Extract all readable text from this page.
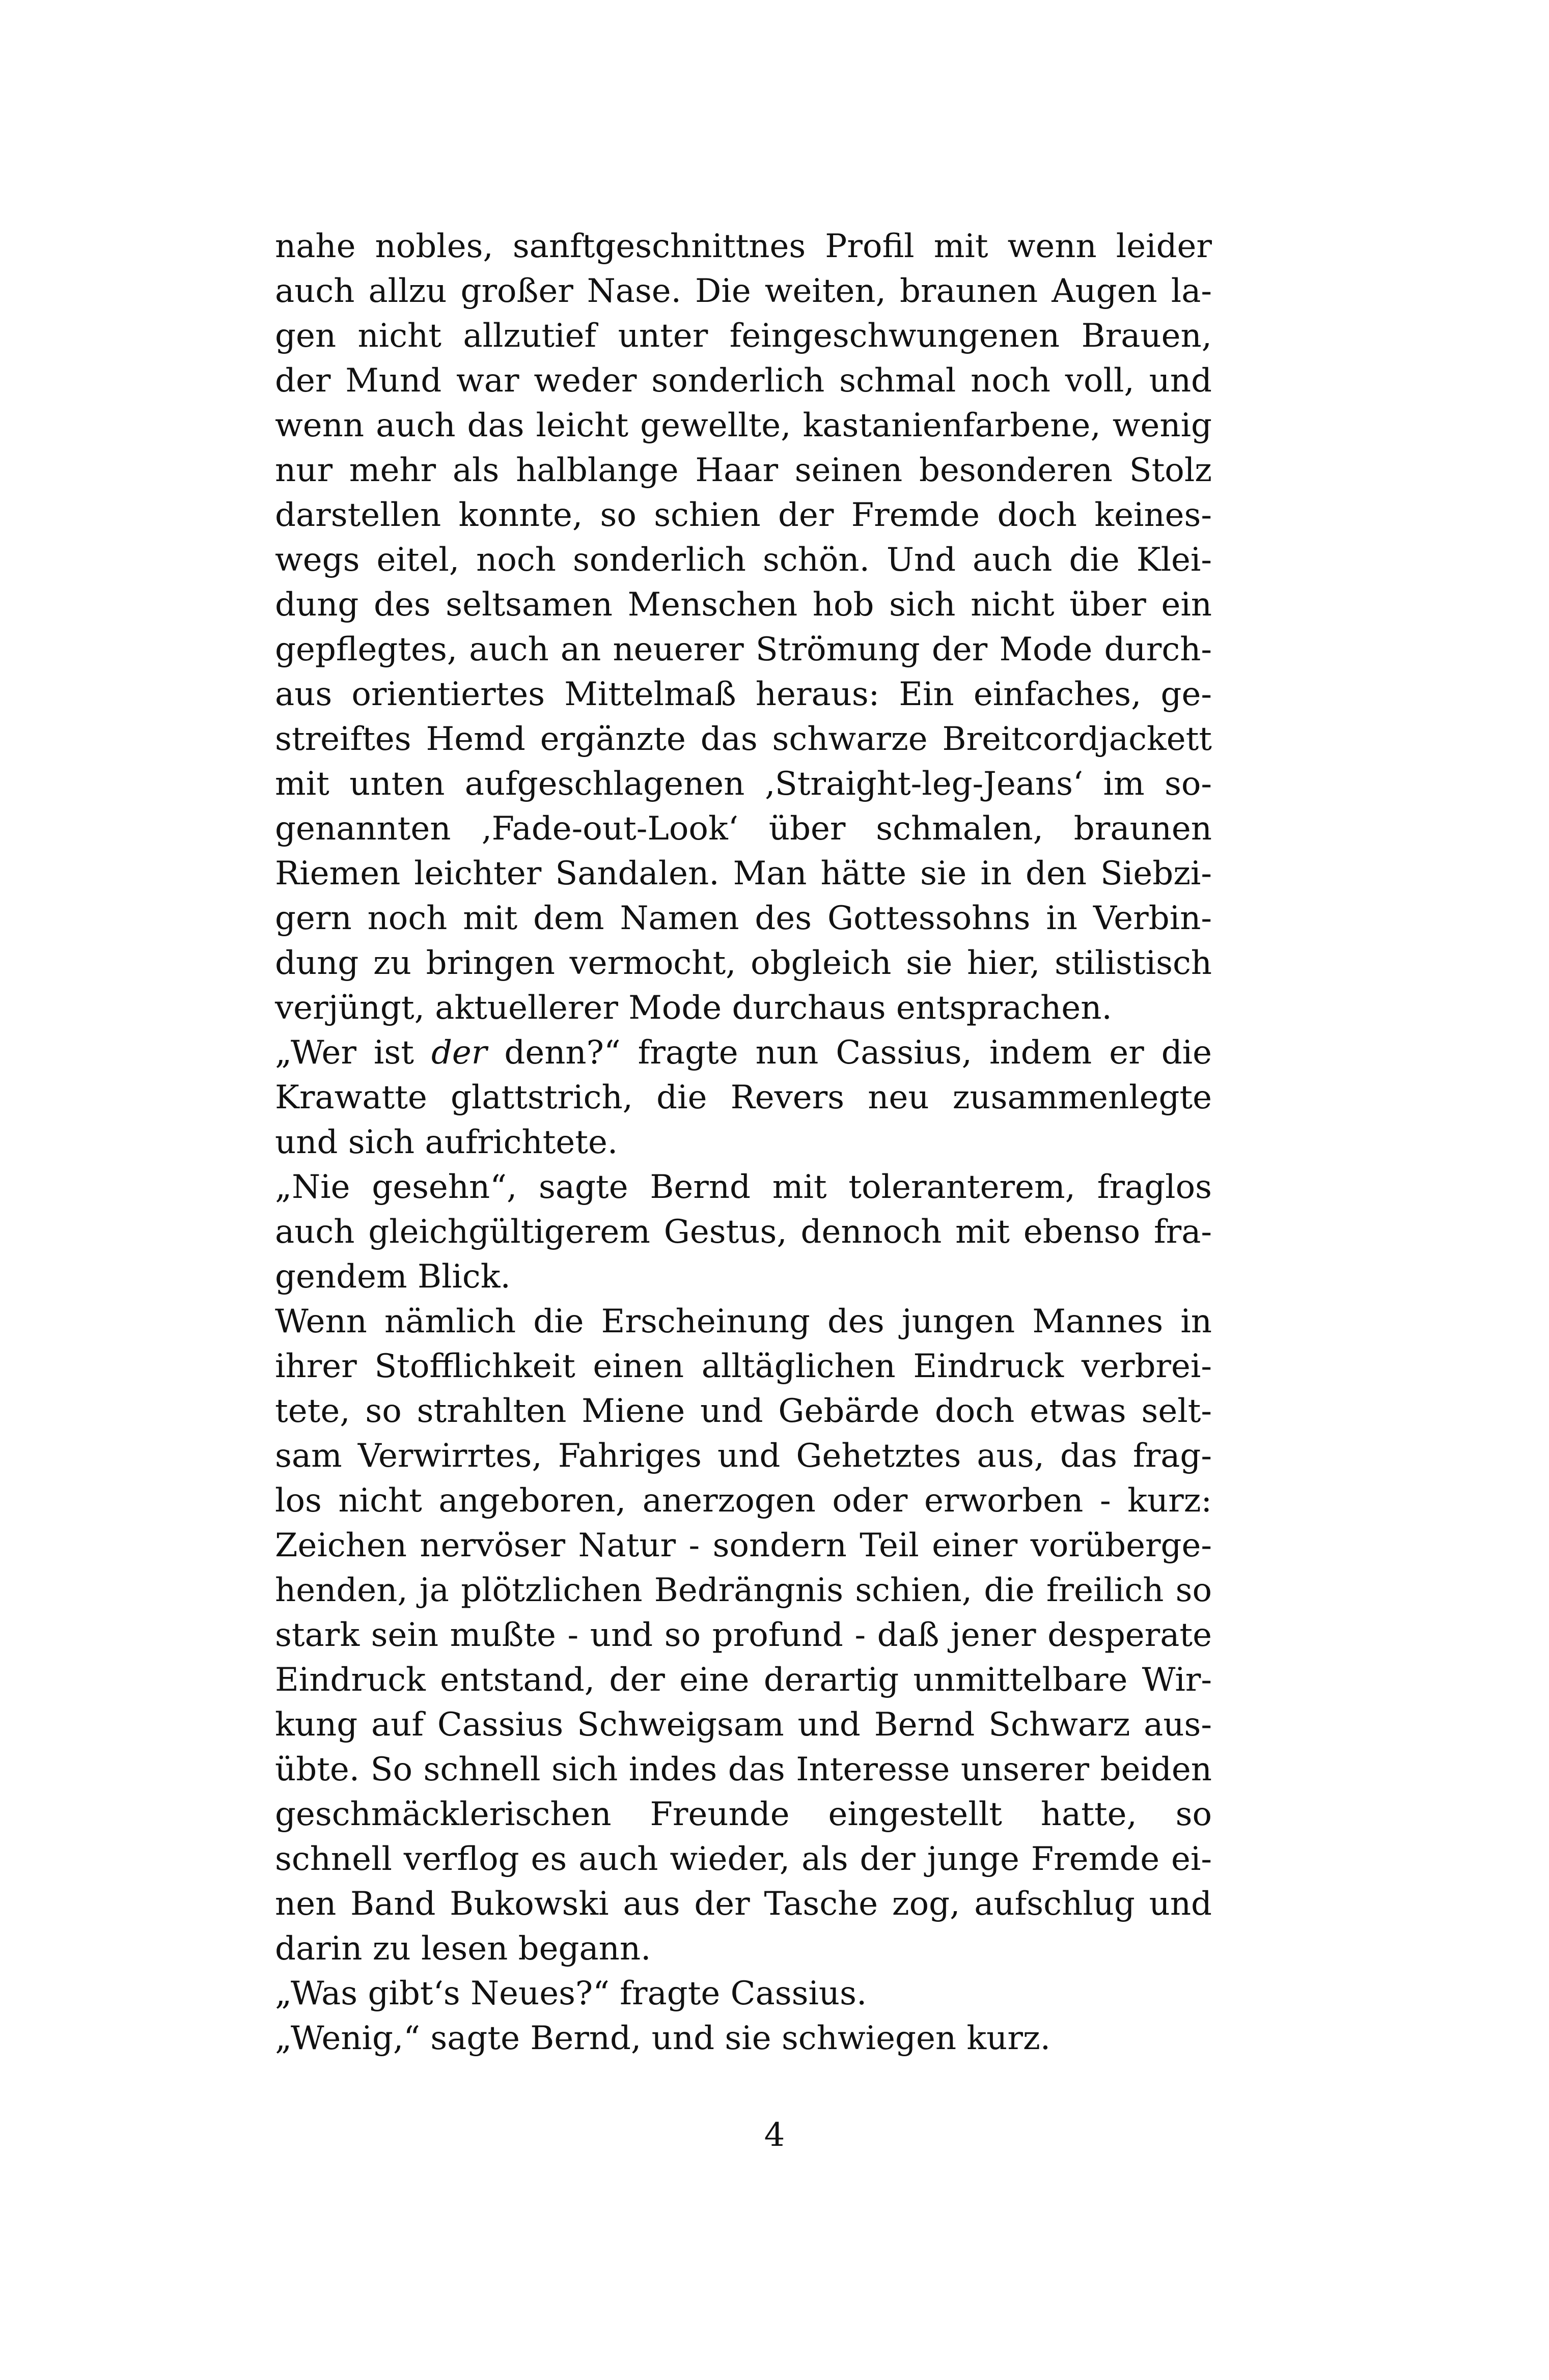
nahe nobles, sanftgeschnittnes Profil mit wenn leider
auch allzu großer Nase. Die weiten, braunen Augen la-
gen nicht allzutief unter feingeschwungenen Brauen,
der Mund war weder sonderlich schmal noch voll, und
wenn auch das leicht gewellte, kastanienfarbene, wenig
nur mehr als halblange Haar seinen besonderen Stolz
darstellen konnte, so schien der Fremde doch keines-
wegs eitel, noch sonderlich schön. Und auch die Klei-
dung des seltsamen Menschen hob sich nicht über ein
gepflegtes, auch an neuerer Strömung der Mode durch-
aus orientiertes Mittelmaß heraus: Ein einfaches, ge-
streiftes Hemd ergänzte das schwarze Breitcordjackett
mit unten aufgeschlagenen ‚Straight-leg-Jeans‘ im so-
genannten ‚Fade-out-Look‘ über schmalen, braunen
Riemen leichter Sandalen. Man hätte sie in den Siebzi-
gern noch mit dem Namen des Gottessohns in Verbin-
dung zu bringen vermocht, obgleich sie hier, stilistisch
verjüngt, aktuellerer Mode durchaus entsprachen.
„Wer ist der denn?“ fragte nun Cassius, indem er die
Krawatte glattstrich, die Revers neu zusammenlegte
und sich aufrichtete.
„Nie gesehn“, sagte Bernd mit toleranterem, fraglos
auch gleichgültigerem Gestus, dennoch mit ebenso fra-
gendem Blick.
Wenn nämlich die Erscheinung des jungen Mannes in
ihrer Stofflichkeit einen alltäglichen Eindruck verbrei-
tete, so strahlten Miene und Gebärde doch etwas selt-
sam Verwirrtes, Fahriges und Gehetztes aus, das frag-
los nicht angeboren, anerzogen oder erworben - kurz:
Zeichen nervöser Natur - sondern Teil einer vorüberge-
henden, ja plötzlichen Bedrängnis schien, die freilich so
stark sein mußte - und so profund - daß jener desperate
Eindruck entstand, der eine derartig unmittelbare Wir-
kung auf Cassius Schweigsam und Bernd Schwarz aus-
übte. So schnell sich indes das Interesse unserer beiden
geschmäcklerischen Freunde eingestellt hatte, so
schnell verflog es auch wieder, als der junge Fremde ei-
nen Band Bukowski aus der Tasche zog, aufschlug und
darin zu lesen begann.
„Was gibt‘s Neues?“ fragte Cassius.
„Wenig,“ sagte Bernd, und sie schwiegen kurz.
4
